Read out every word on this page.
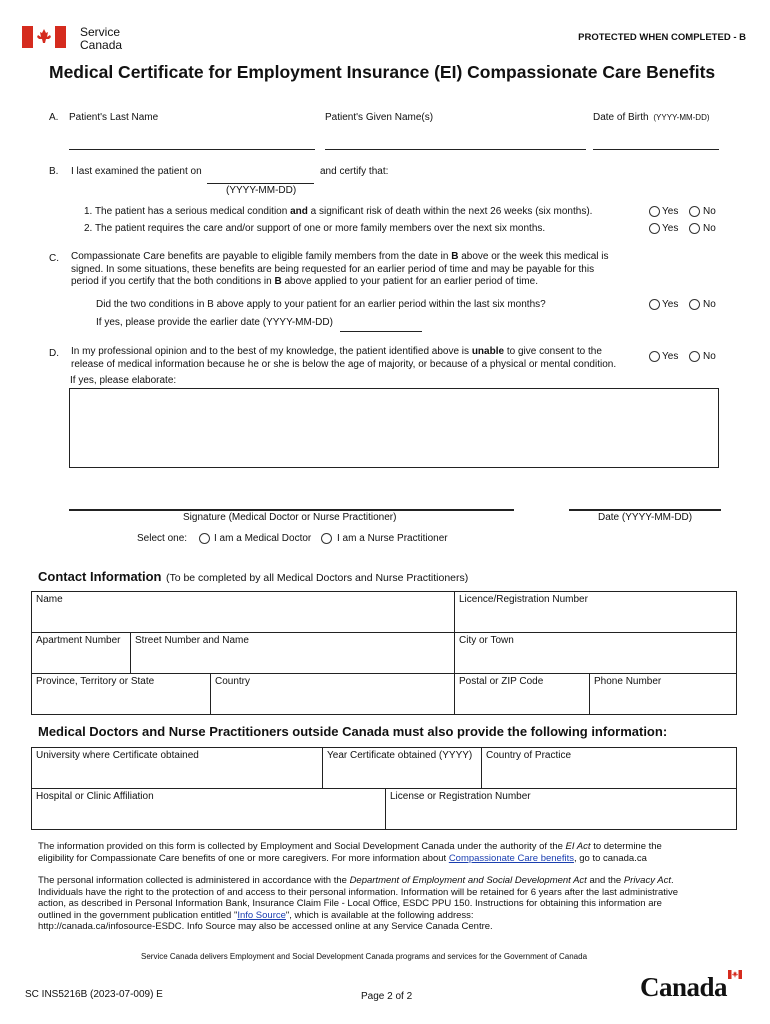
Service
Canada
PROTECTED WHEN COMPLETED - B
Medical Certificate for Employment Insurance (EI) Compassionate Care Benefits
A. Patient's Last Name	Patient's Given Name(s)	Date of Birth (YYYY-MM-DD)
B. I last examined the patient on	and certify that:
(YYYY-MM-DD)
1. The patient has a serious medical condition and a significant risk of death within the next 26 weeks (six months).
2. The patient requires the care and/or support of one or more family members over the next six months.
Yes No
Yes No
C. Compassionate Care benefits are payable to eligible family members from the date in B above or the week this medical is
signed. In some situations, these benefits are being requested for an earlier period of time and may be payable for this
period if you certify that the both conditions in B above applied to your patient for an earlier period of time.
Did the two conditions in B above apply to your patient for an earlier period within the last six months?	Yes No
If yes, please provide the earlier date (YYYY-MM-DD)
D. In my professional opinion and to the best of my knowledge, the patient identified above is unable to give consent to the
release of medical information because he or she is below the age of majority, or because of a physical or mental condition.
Yes No
If yes, please elaborate:
Signature (Medical Doctor or Nurse Practitioner)	Date (YYYY-MM-DD)
Select one:	I am a Medical Doctor	I am a Nurse Practitioner
Contact Information (To be completed by all Medical Doctors and Nurse Practitioners)
Name	Licence/Registration Number
Apartment Number	Street Number and Name	City or Town
Province, Territory or State	Country	Postal or ZIP Code	Phone Number
Medical Doctors and Nurse Practitioners outside Canada must also provide the following information:
University where Certificate obtained	Year Certificate obtained (YYYY)	Country of Practice
Hospital or Clinic Affiliation	License or Registration Number
The information provided on this form is collected by Employment and Social Development Canada under the authority of the EI Act to determine the
eligibility for Compassionate Care benefits of one or more caregivers. For more information about Compassionate Care benefits, go to canada.ca
The personal information collected is administered in accordance with the Department of Employment and Social Development Act and the Privacy Act.
Individuals have the right to the protection of and access to their personal information. Information will be retained for 6 years after the last administrative
action, as described in Personal Information Bank, Insurance Claim File - Local Office, ESDC PPU 150. Instructions for obtaining this information are
outlined in the government publication entitled "Info Source", which is available at the following address:
http://canada.ca/infosource-ESDC. Info Source may also be accessed online at any Service Canada Centre.
Service Canada delivers Employment and Social Development Canada programs and services for the Government of Canada
SC INS5216B (2023-07-009) E	Page 2 of 2	Canada
